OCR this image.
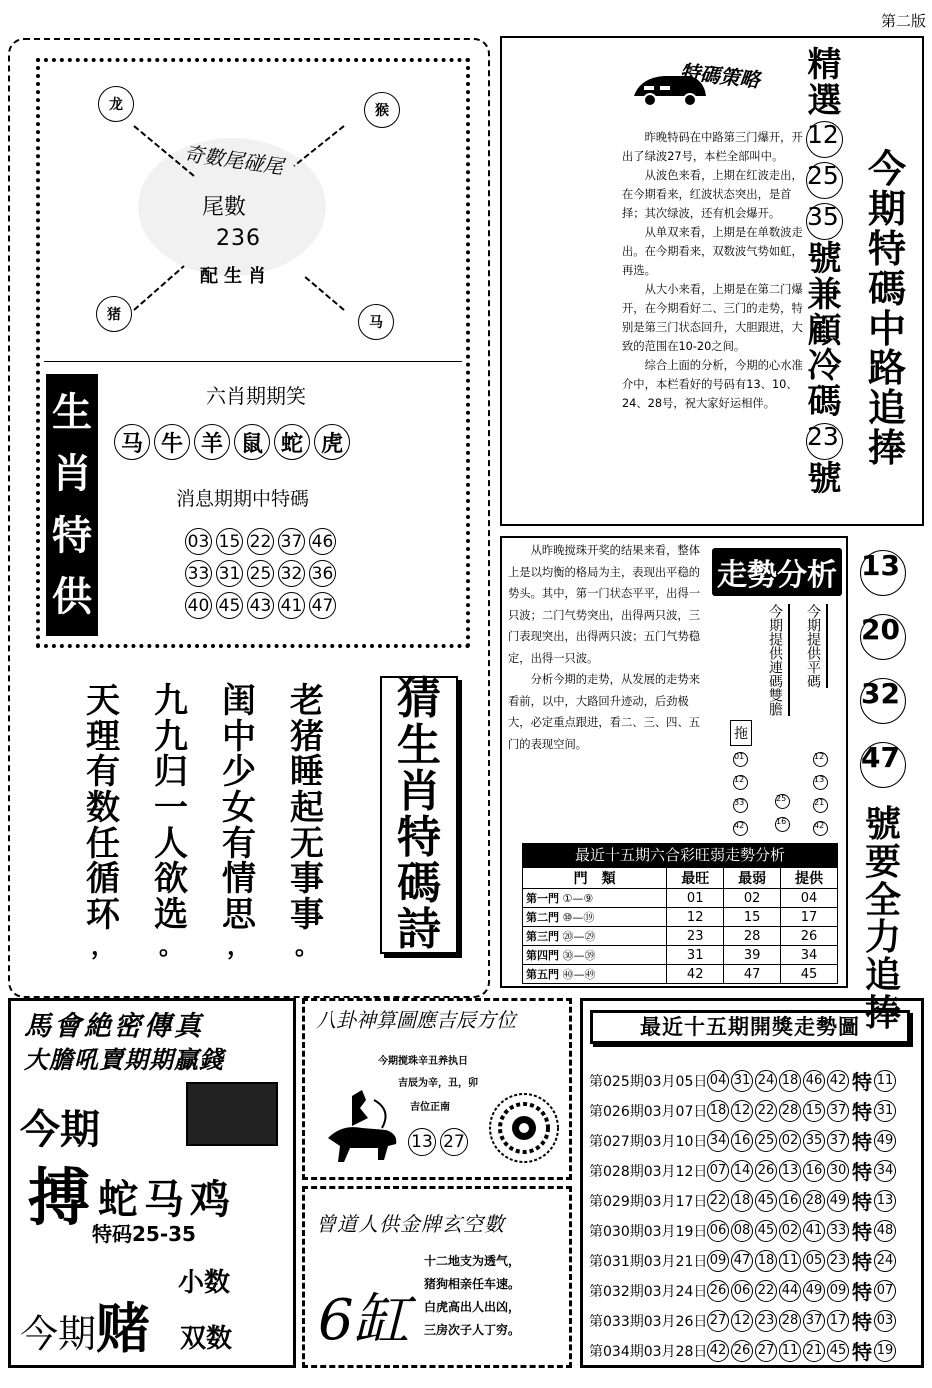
第二版
龙	猴
猪	马
奇數尾碰尾
尾數
236
配生肖
生
肖
特
供
六肖期期笑
马 牛 羊 鼠 蛇 虎
消息期期中特碼
03 15 22 37 46
33 31 25 32 36
40 45 43 41 47
老
猪
睡
起
无
事
事
。
闺
中
少
女
有
情
思
，
九
九
归
一
人
欲
选
。
天
理
有
数
任
循
环
，
猜
生
肖
特
碼
詩
特碼策略

昨晚特码在中路第三门爆开，开出了绿波27号，本栏全部叫中。

从波色来看，上期在红波走出，在今期看来，红波状态突出，是首择；其次绿波，还有机会爆开。

从单双来看，上期是在单数波走出。在今期看来，双数波气势如虹，再选。

从大小来看，上期是在第二门爆开，在今期看好二、三门的走势，特别是第三门状态回升，大胆跟进，大致的范围在10-20之间。

综合上面的分析，今期的心水准介中，本栏看好的号码有13、10、24、28号，祝大家好运相伴。

精
選
12
25
35
號
兼
顧
冷
碼
23
號
今
期
特
碼
中
路
追
捧

从昨晚搅珠开奖的结果来看，整体上是以均衡的格局为主，表现出平稳的势头。其中，第一门状态平平，出得一只波；二门气势突出，出得两只波，三门表现突出，出得两只波；五门气势稳定，出得一只波。

分析今期的走势，从发展的走势来看前，以中，大路回升迹动，后劲极大，必定重点跟进，看二、三、四、五门的表现空间。

走勢分析
拖
今期提供連碼雙膽	今期提供平碼
01
12
33
42
25
16
12
13
21
42
最近十五期六合彩旺弱走勢分析
門　類	最旺	最弱	提供
第一門 ①—⑨	01	02	04
第二門 ⑩—⑲	12	15	17
第三門 ⑳—㉙	23	28	26
第四門 ㉚—㊴	31	39	34
第五門 ㊵—㊾	42	47	45
13
20
32
47
號
要
全
力
追
捧
馬會絶密傳真
大膽吼賣期期贏錢
今期
搏 蛇马鸡
特码25-35
今期赌
小数
双数
八卦神算圖應吉辰方位
今期搅珠辛丑养执日
吉辰为辛，丑，卯
吉位正南
13 27
曾道人供金牌玄空數
6缸
十二地支为透气，
猪狗相亲任车速。
白虎高出人出凶，
三房次子人丁穷。
最近十五期開獎走勢圖
第025期03月05日 04 31 24 18 46 42 特 11
第026期03月07日 18 12 22 28 15 37 特 31
第027期03月10日 34 16 25 02 35 37 特 49
第028期03月12日 07 14 26 13 16 30 特 34
第029期03月17日 22 18 45 16 28 49 特 13
第030期03月19日 06 08 45 02 41 33 特 48
第031期03月21日 09 47 18 11 05 23 特 24
第032期03月24日 26 06 22 44 49 09 特 07
第033期03月26日 27 12 23 28 37 17 特 03
第034期03月28日 42 26 27 11 21 45 特 19
